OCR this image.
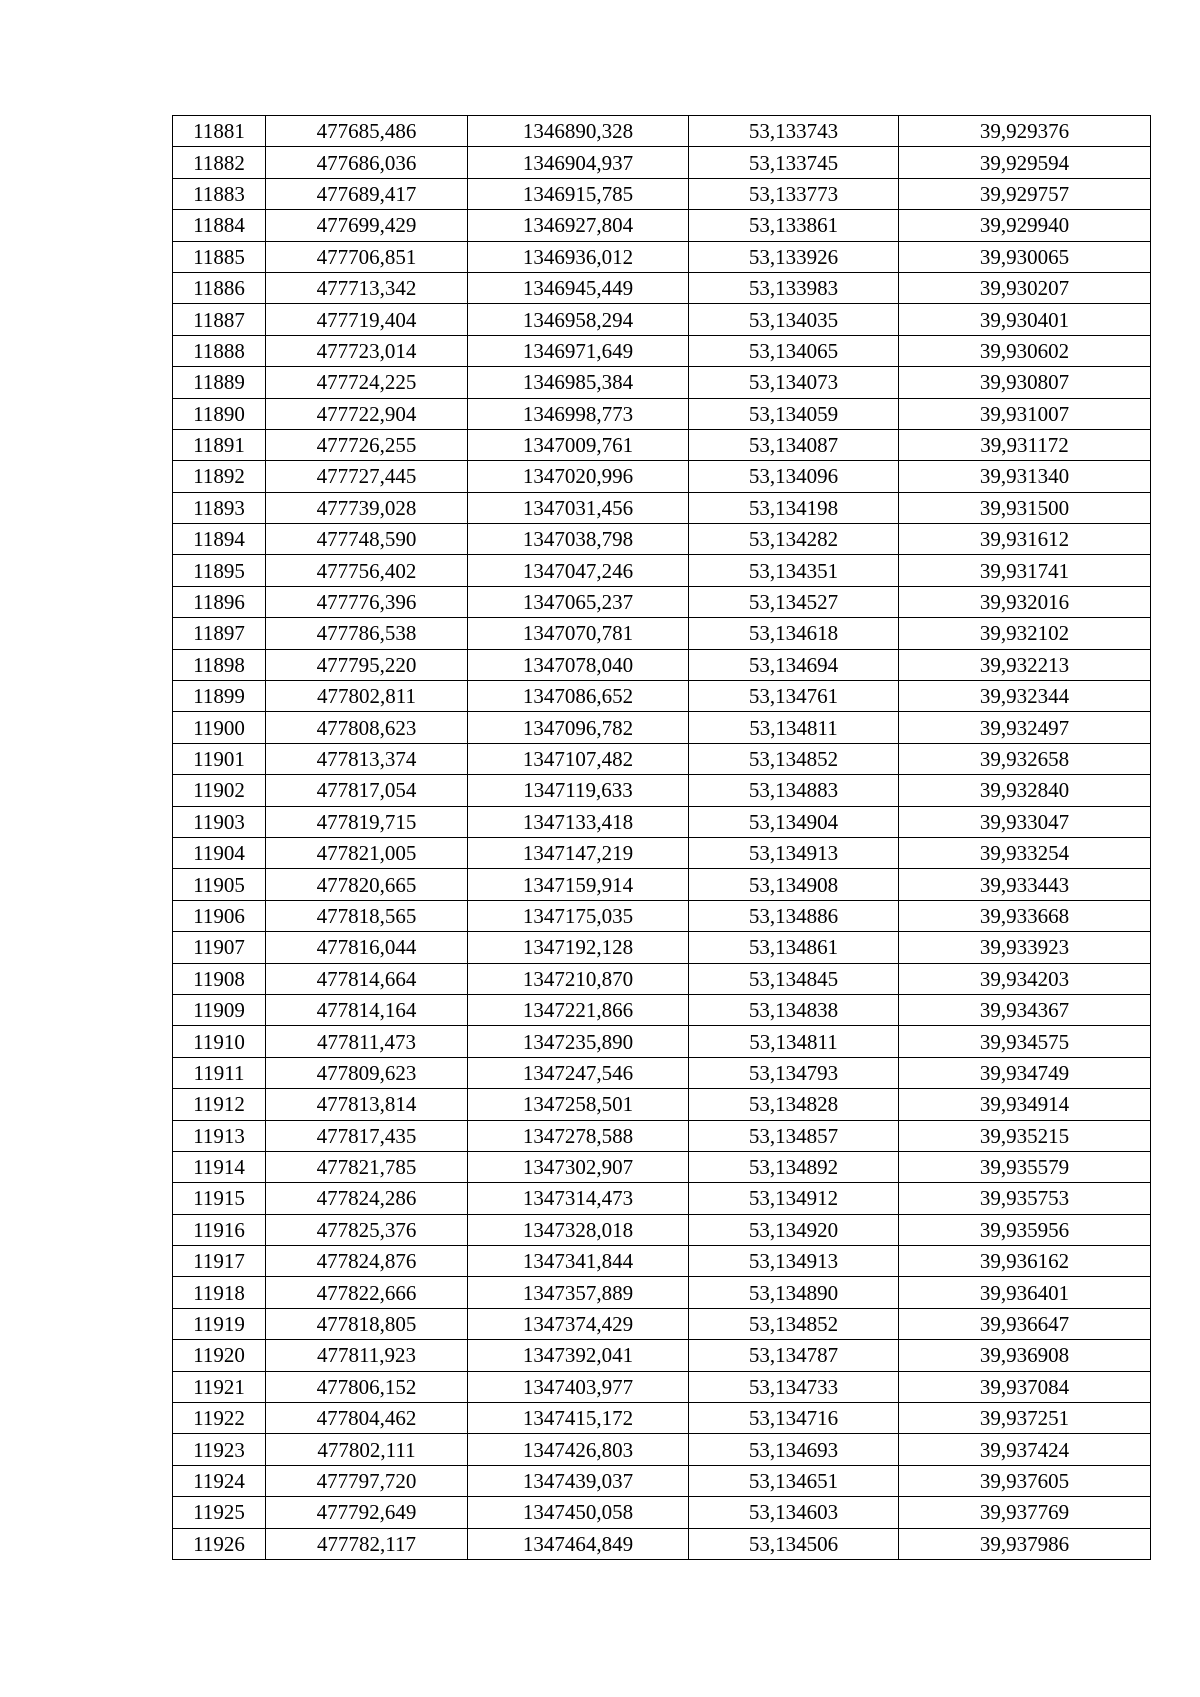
11881	477685,486	1346890,328	53,133743	39,929376
11882	477686,036	1346904,937	53,133745	39,929594
11883	477689,417	1346915,785	53,133773	39,929757
11884	477699,429	1346927,804	53,133861	39,929940
11885	477706,851	1346936,012	53,133926	39,930065
11886	477713,342	1346945,449	53,133983	39,930207
11887	477719,404	1346958,294	53,134035	39,930401
11888	477723,014	1346971,649	53,134065	39,930602
11889	477724,225	1346985,384	53,134073	39,930807
11890	477722,904	1346998,773	53,134059	39,931007
11891	477726,255	1347009,761	53,134087	39,931172
11892	477727,445	1347020,996	53,134096	39,931340
11893	477739,028	1347031,456	53,134198	39,931500
11894	477748,590	1347038,798	53,134282	39,931612
11895	477756,402	1347047,246	53,134351	39,931741
11896	477776,396	1347065,237	53,134527	39,932016
11897	477786,538	1347070,781	53,134618	39,932102
11898	477795,220	1347078,040	53,134694	39,932213
11899	477802,811	1347086,652	53,134761	39,932344
11900	477808,623	1347096,782	53,134811	39,932497
11901	477813,374	1347107,482	53,134852	39,932658
11902	477817,054	1347119,633	53,134883	39,932840
11903	477819,715	1347133,418	53,134904	39,933047
11904	477821,005	1347147,219	53,134913	39,933254
11905	477820,665	1347159,914	53,134908	39,933443
11906	477818,565	1347175,035	53,134886	39,933668
11907	477816,044	1347192,128	53,134861	39,933923
11908	477814,664	1347210,870	53,134845	39,934203
11909	477814,164	1347221,866	53,134838	39,934367
11910	477811,473	1347235,890	53,134811	39,934575
11911	477809,623	1347247,546	53,134793	39,934749
11912	477813,814	1347258,501	53,134828	39,934914
11913	477817,435	1347278,588	53,134857	39,935215
11914	477821,785	1347302,907	53,134892	39,935579
11915	477824,286	1347314,473	53,134912	39,935753
11916	477825,376	1347328,018	53,134920	39,935956
11917	477824,876	1347341,844	53,134913	39,936162
11918	477822,666	1347357,889	53,134890	39,936401
11919	477818,805	1347374,429	53,134852	39,936647
11920	477811,923	1347392,041	53,134787	39,936908
11921	477806,152	1347403,977	53,134733	39,937084
11922	477804,462	1347415,172	53,134716	39,937251
11923	477802,111	1347426,803	53,134693	39,937424
11924	477797,720	1347439,037	53,134651	39,937605
11925	477792,649	1347450,058	53,134603	39,937769
11926	477782,117	1347464,849	53,134506	39,937986
